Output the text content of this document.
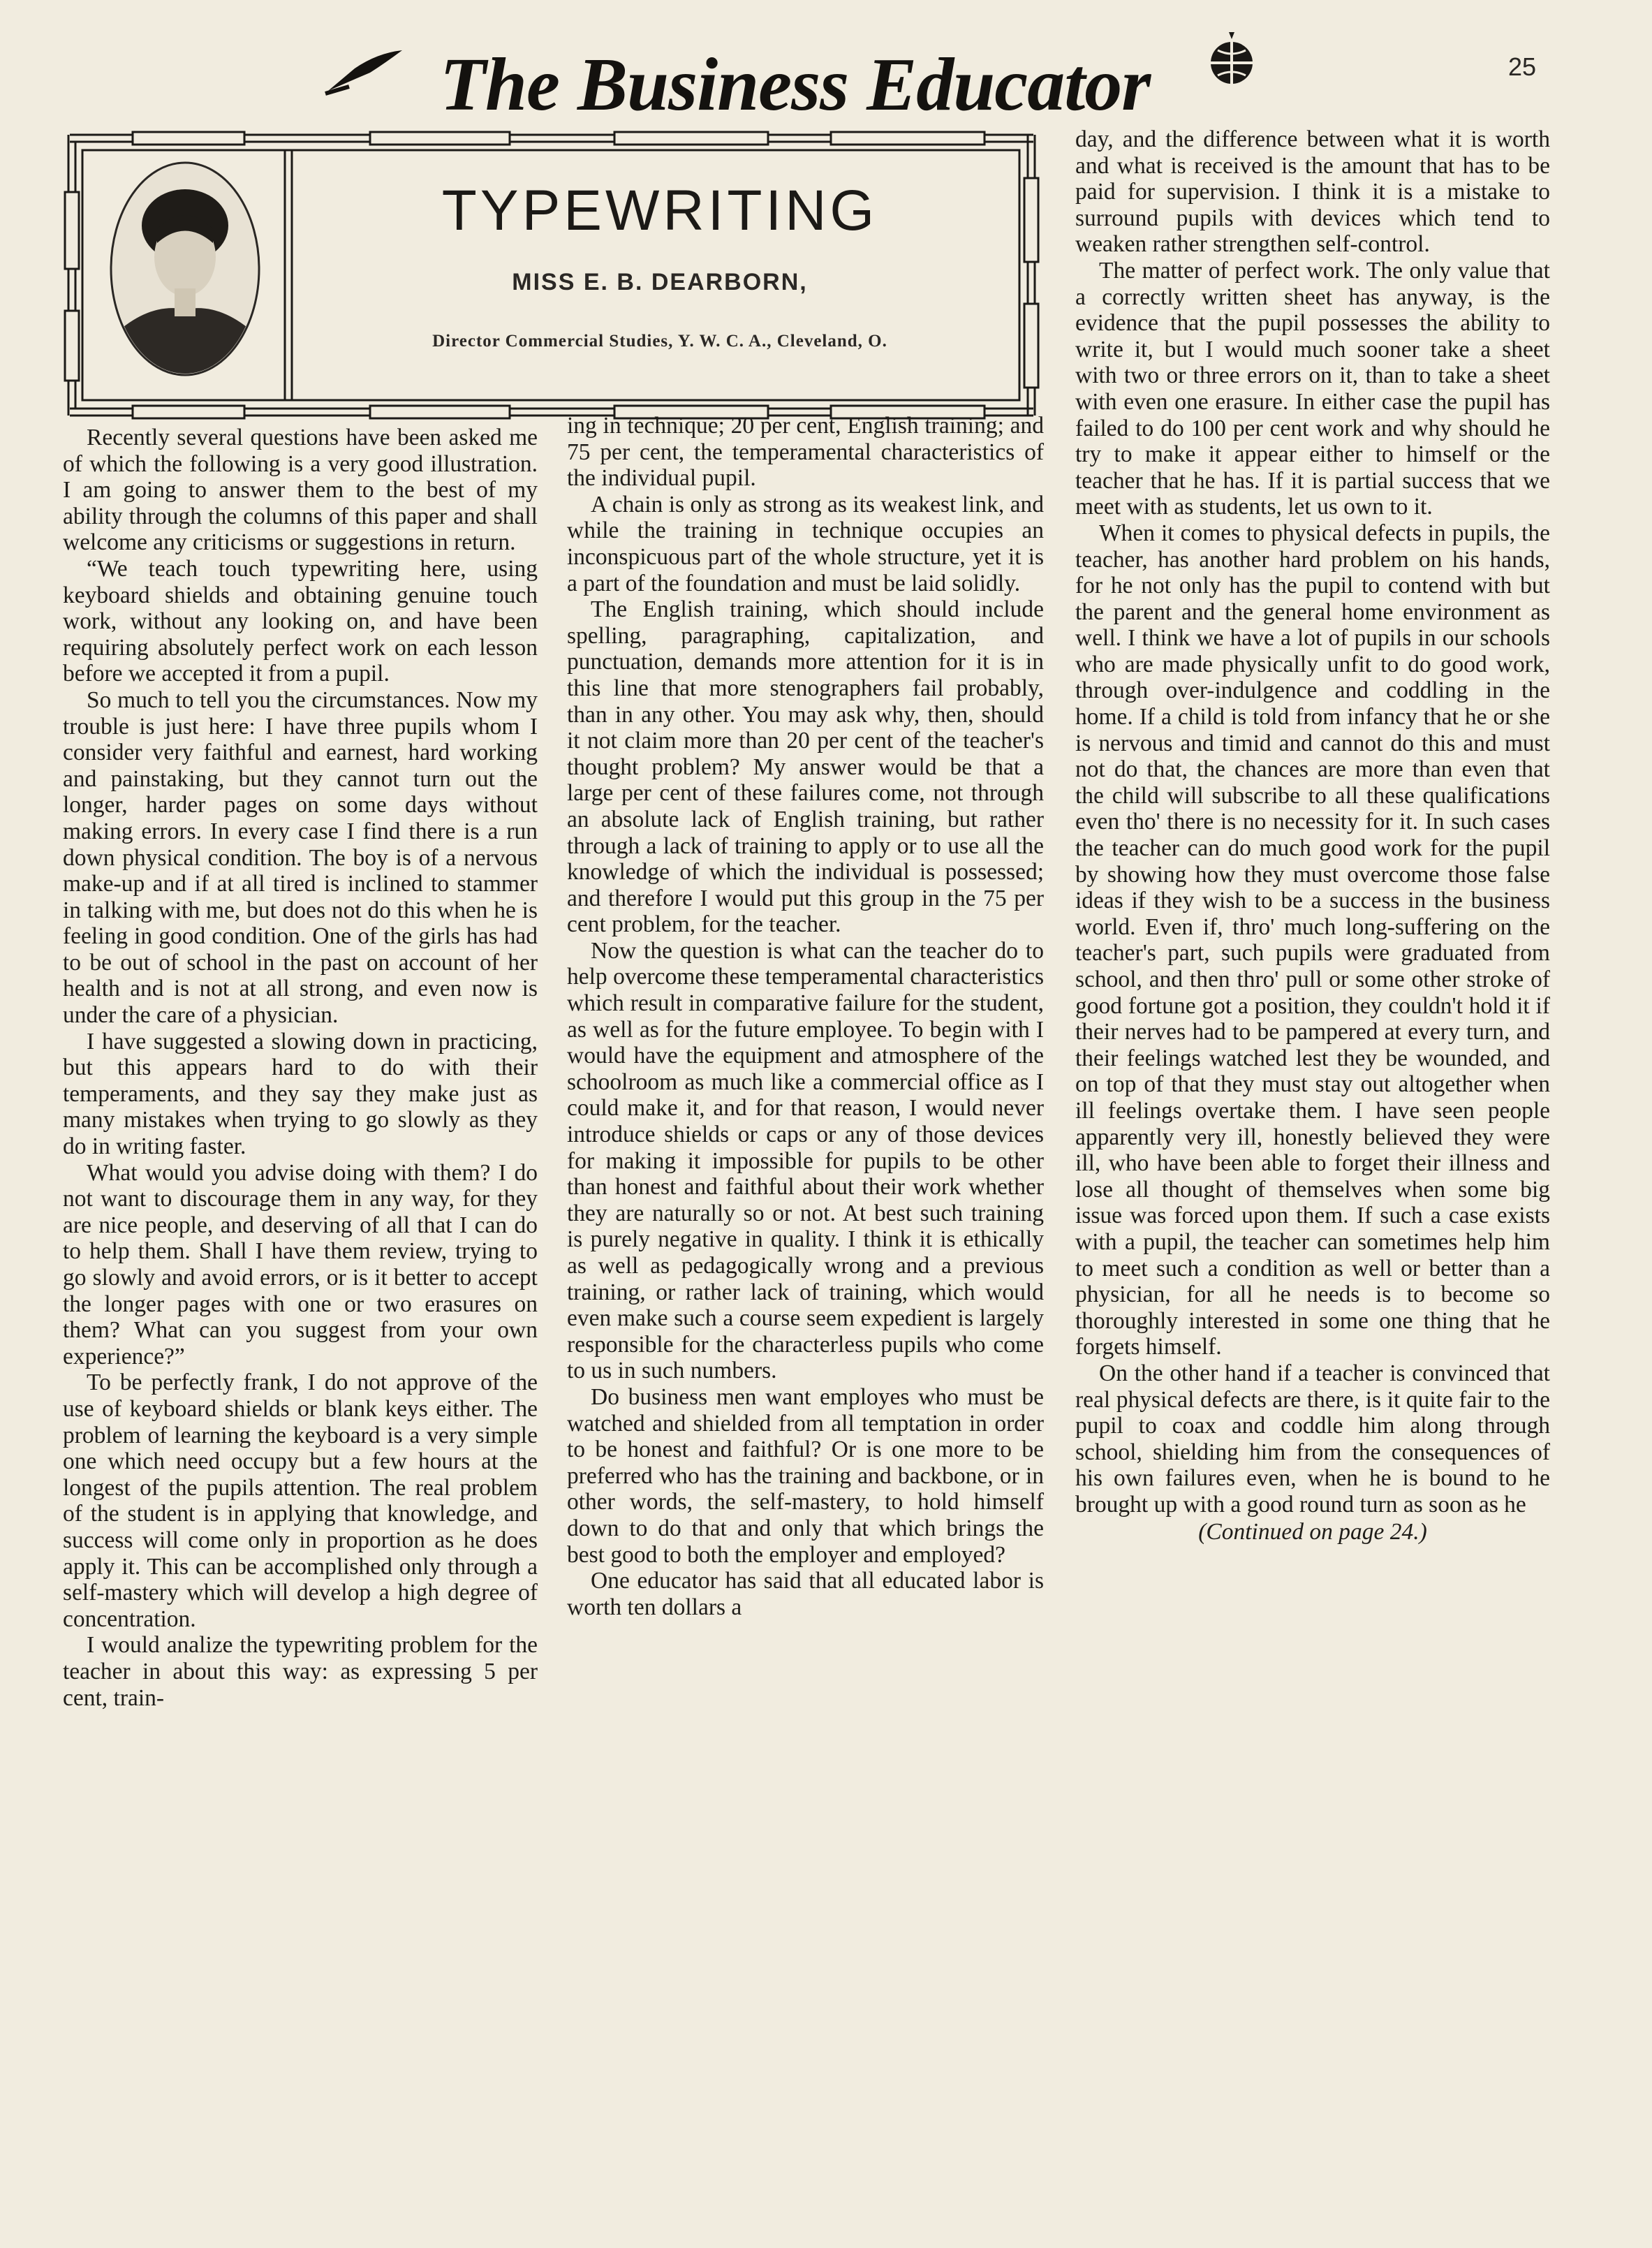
The Business Educator	25
TYPEWRITING
MISS E. B. DEARBORN,
Director Commercial Studies, Y. W. C. A., Cleveland, O.

Recently several questions have been asked me of which the following is a very good illustration. I am going to answer them to the best of my ability through the columns of this paper and shall welcome any criticisms or suggestions in return.

“We teach touch typewriting here, using keyboard shields and obtaining genuine touch work, without any looking on, and have been requiring absolutely perfect work on each lesson before we accepted it from a pupil.

So much to tell you the circumstances. Now my trouble is just here: I have three pupils whom I consider very faithful and earnest, hard working and painstaking, but they cannot turn out the longer, harder pages on some days without making errors. In every case I find there is a run down physical condition. The boy is of a nervous make-up and if at all tired is inclined to stammer in talking with me, but does not do this when he is feeling in good condition. One of the girls has had to be out of school in the past on account of her health and is not at all strong, and even now is under the care of a physician.

I have suggested a slowing down in practicing, but this appears hard to do with their temperaments, and they say they make just as many mistakes when trying to go slowly as they do in writing faster.

What would you advise doing with them? I do not want to discourage them in any way, for they are nice people, and deserving of all that I can do to help them. Shall I have them review, trying to go slowly and avoid errors, or is it better to accept the longer pages with one or two erasures on them? What can you suggest from your own experience?”

To be perfectly frank, I do not approve of the use of keyboard shields or blank keys either. The problem of learning the keyboard is a very simple one which need occupy but a few hours at the longest of the pupils attention. The real problem of the student is in applying that knowledge, and success will come only in proportion as he does apply it. This can be accomplished only through a self-mastery which will develop a high degree of concentration.

I would analize the typewriting problem for the teacher in about this way: as expressing 5 per cent, train-

ing in technique; 20 per cent, English training; and 75 per cent, the temperamental characteristics of the individual pupil.

A chain is only as strong as its weakest link, and while the training in technique occupies an inconspicuous part of the whole structure, yet it is a part of the foundation and must be laid solidly.

The English training, which should include spelling, paragraphing, capitalization, and punctuation, demands more attention for it is in this line that more stenographers fail probably, than in any other. You may ask why, then, should it not claim more than 20 per cent of the teacher's thought problem? My answer would be that a large per cent of these failures come, not through an absolute lack of English training, but rather through a lack of training to apply or to use all the knowledge of which the individual is possessed; and therefore I would put this group in the 75 per cent problem, for the teacher.

Now the question is what can the teacher do to help overcome these temperamental characteristics which result in comparative failure for the student, as well as for the future employee. To begin with I would have the equipment and atmosphere of the schoolroom as much like a commercial office as I could make it, and for that reason, I would never introduce shields or caps or any of those devices for making it impossible for pupils to be other than honest and faithful about their work whether they are naturally so or not. At best such training is purely negative in quality. I think it is ethically as well as pedagogically wrong and a previous training, or rather lack of training, which would even make such a course seem expedient is largely responsible for the characterless pupils who come to us in such numbers.

Do business men want employes who must be watched and shielded from all temptation in order to be honest and faithful? Or is one more to be preferred who has the training and backbone, or in other words, the self-mastery, to hold himself down to do that and only that which brings the best good to both the employer and employed?

One educator has said that all educated labor is worth ten dollars a

day, and the difference between what it is worth and what is received is the amount that has to be paid for supervision. I think it is a mistake to surround pupils with devices which tend to weaken rather strengthen self-control.

The matter of perfect work. The only value that a correctly written sheet has anyway, is the evidence that the pupil possesses the ability to write it, but I would much sooner take a sheet with two or three errors on it, than to take a sheet with even one erasure. In either case the pupil has failed to do 100 per cent work and why should he try to make it appear either to himself or the teacher that he has. If it is partial success that we meet with as students, let us own to it.

When it comes to physical defects in pupils, the teacher, has another hard problem on his hands, for he not only has the pupil to contend with but the parent and the general home environment as well. I think we have a lot of pupils in our schools who are made physically unfit to do good work, through over-indulgence and coddling in the home. If a child is told from infancy that he or she is nervous and timid and cannot do this and must not do that, the chances are more than even that the child will subscribe to all these qualifications even tho' there is no necessity for it. In such cases the teacher can do much good work for the pupil by showing how they must overcome those false ideas if they wish to be a success in the business world. Even if, thro' much long-suffering on the teacher's part, such pupils were graduated from school, and then thro' pull or some other stroke of good fortune got a position, they couldn't hold it if their nerves had to be pampered at every turn, and their feelings watched lest they be wounded, and on top of that they must stay out altogether when ill feelings overtake them. I have seen people apparently very ill, honestly believed they were ill, who have been able to forget their illness and lose all thought of themselves when some big issue was forced upon them. If such a case exists with a pupil, the teacher can sometimes help him to meet such a condition as well or better than a physician, for all he needs is to become so thoroughly interested in some one thing that he forgets himself.

On the other hand if a teacher is convinced that real physical defects are there, is it quite fair to the pupil to coax and coddle him along through school, shielding him from the consequences of his own failures even, when he is bound to he brought up with a good round turn as soon as he

(Continued on page 24.)
